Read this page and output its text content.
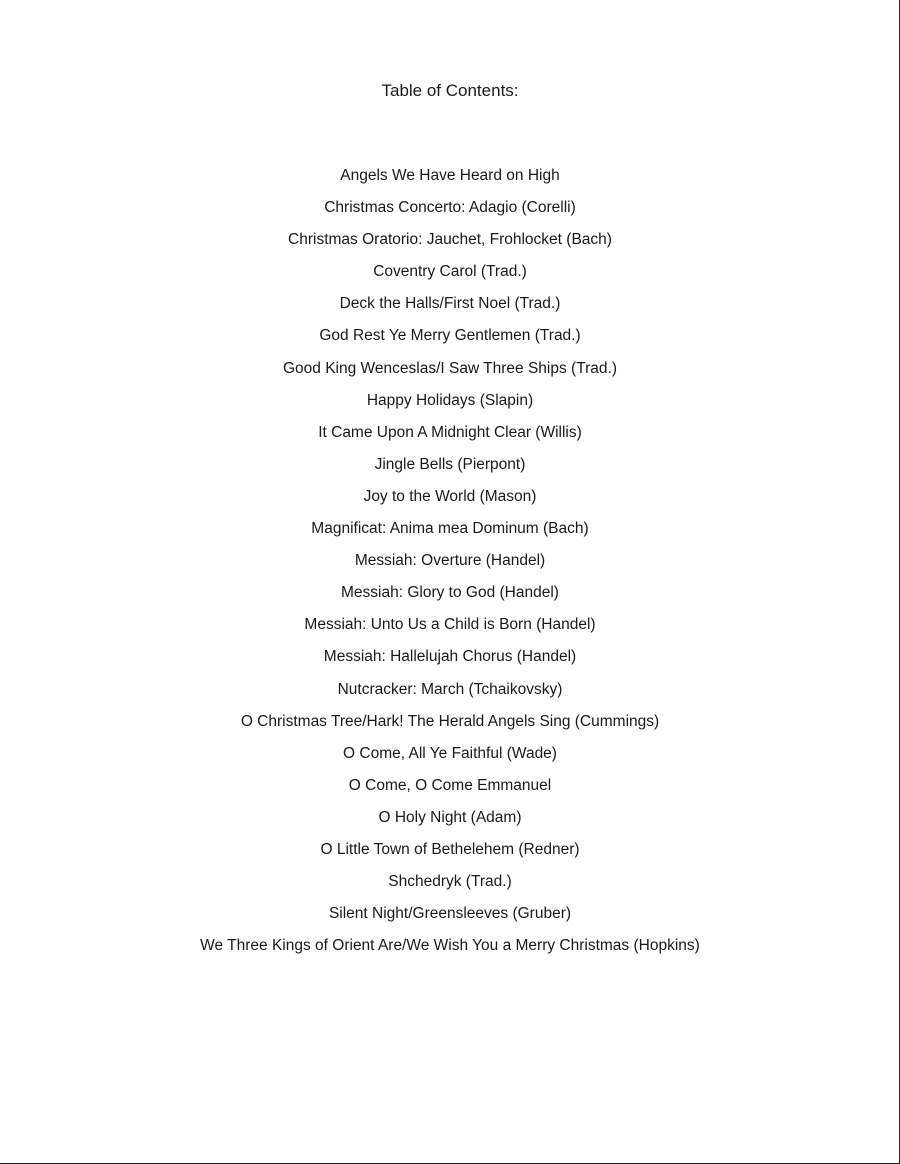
Table of Contents:
Angels We Have Heard on High
Christmas Concerto: Adagio (Corelli)
Christmas Oratorio: Jauchet, Frohlocket (Bach)
Coventry Carol (Trad.)
Deck the Halls/First Noel (Trad.)
God Rest Ye Merry Gentlemen (Trad.)
Good King Wenceslas/I Saw Three Ships (Trad.)
Happy Holidays (Slapin)
It Came Upon A Midnight Clear (Willis)
Jingle Bells (Pierpont)
Joy to the World (Mason)
Magnificat: Anima mea Dominum (Bach)
Messiah: Overture (Handel)
Messiah: Glory to God (Handel)
Messiah: Unto Us a Child is Born (Handel)
Messiah: Hallelujah Chorus (Handel)
Nutcracker: March (Tchaikovsky)
O Christmas Tree/Hark! The Herald Angels Sing (Cummings)
O Come, All Ye Faithful (Wade)
O Come, O Come Emmanuel
O Holy Night (Adam)
O Little Town of Bethelehem (Redner)
Shchedryk (Trad.)
Silent Night/Greensleeves (Gruber)
We Three Kings of Orient Are/We Wish You a Merry Christmas (Hopkins)
